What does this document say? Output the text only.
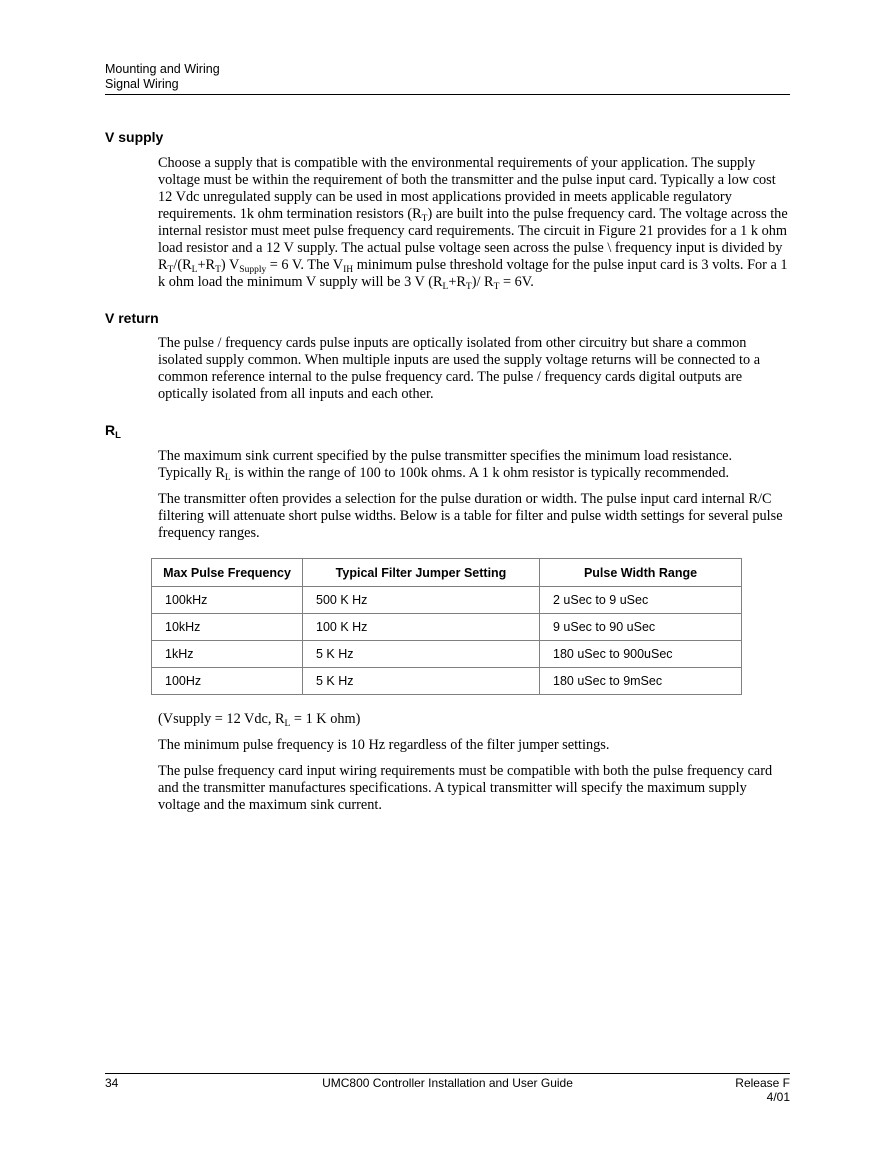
Mounting and Wiring
Signal Wiring
V supply

Choose a supply that is compatible with the environmental requirements of your application. The supply voltage must be within the requirement of both the transmitter and the pulse input card. Typically a low cost 12 Vdc unregulated supply can be used in most applications provided in meets applicable regulatory requirements. 1k ohm termination resistors $(R_T)$ are built into the pulse frequency card. The voltage across the internal resistor must meet pulse frequency card requirements. The circuit in Figure 21 provides for a 1 k ohm load resistor and a 12 V supply. The actual pulse voltage seen across the pulse \ frequency input is divided by $R_T/(R_L+R_T) V_{Supply} = 6$ V. The $V_{IH}$ minimum pulse threshold voltage for the pulse input card is 3 volts. For a 1 k ohm load the minimum V supply will be 3 V $(R_L+R_T)/$ $R_T = 6V$.

V return

The pulse / frequency cards pulse inputs are optically isolated from other circuitry but share a common isolated supply common. When multiple inputs are used the supply voltage returns will be connected to a common reference internal to the pulse frequency card. The pulse / frequency cards digital outputs are optically isolated from all inputs and each other.

$R_L$

The maximum sink current specified by the pulse transmitter specifies the minimum load resistance.
Typically $R_L$ is within the range of 100 to 100k ohms. A 1 k ohm resistor is typically recommended.

The transmitter often provides a selection for the pulse duration or width. The pulse input card internal R/C filtering will attenuate short pulse widths. Below is a table for filter and pulse width settings for several pulse frequency ranges.

Max Pulse Frequency	Typical Filter Jumper Setting	Pulse Width Range
100kHz	500 K Hz	2 uSec to 9 uSec
10kHz	100 K Hz	9 uSec to 90 uSec
1kHz	5 K Hz	180 uSec to 900uSec
100Hz	5 K Hz	180 uSec to 9mSec

(Vsupply = 12 Vdc, $R_L = 1$ K ohm)

The minimum pulse frequency is 10 Hz regardless of the filter jumper settings.

The pulse frequency card input wiring requirements must be compatible with both the pulse frequency card and the transmitter manufactures specifications. A typical transmitter will specify the maximum supply voltage and the maximum sink current.

34	UMC800 Controller Installation and User Guide	Release F
4/01
